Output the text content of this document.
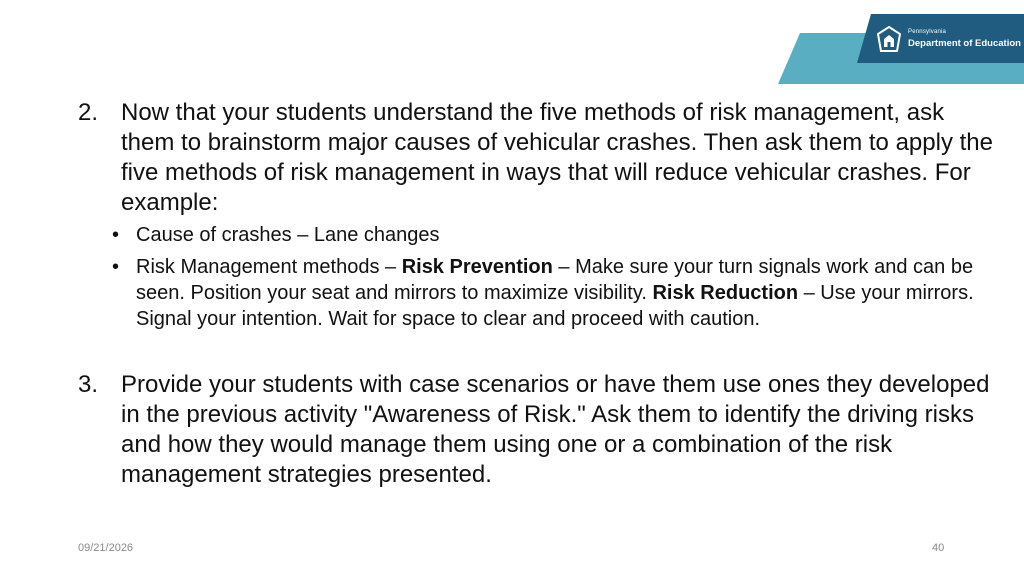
Pennsylvania
Department of Education
2. Now that your students understand the five methods of risk management, ask them to brainstorm major causes of vehicular crashes. Then ask them to apply the five methods of risk management in ways that will reduce vehicular crashes. For example:
• Cause of crashes – Lane changes
• Risk Management methods – Risk Prevention – Make sure your turn signals work and can be seen. Position your seat and mirrors to maximize visibility. Risk Reduction – Use your mirrors. Signal your intention. Wait for space to clear and proceed with caution.
3. Provide your students with case scenarios or have them use ones they developed in the previous activity "Awareness of Risk." Ask them to identify the driving risks and how they would manage them using one or a combination of the risk management strategies presented.
09/21/2026	40
